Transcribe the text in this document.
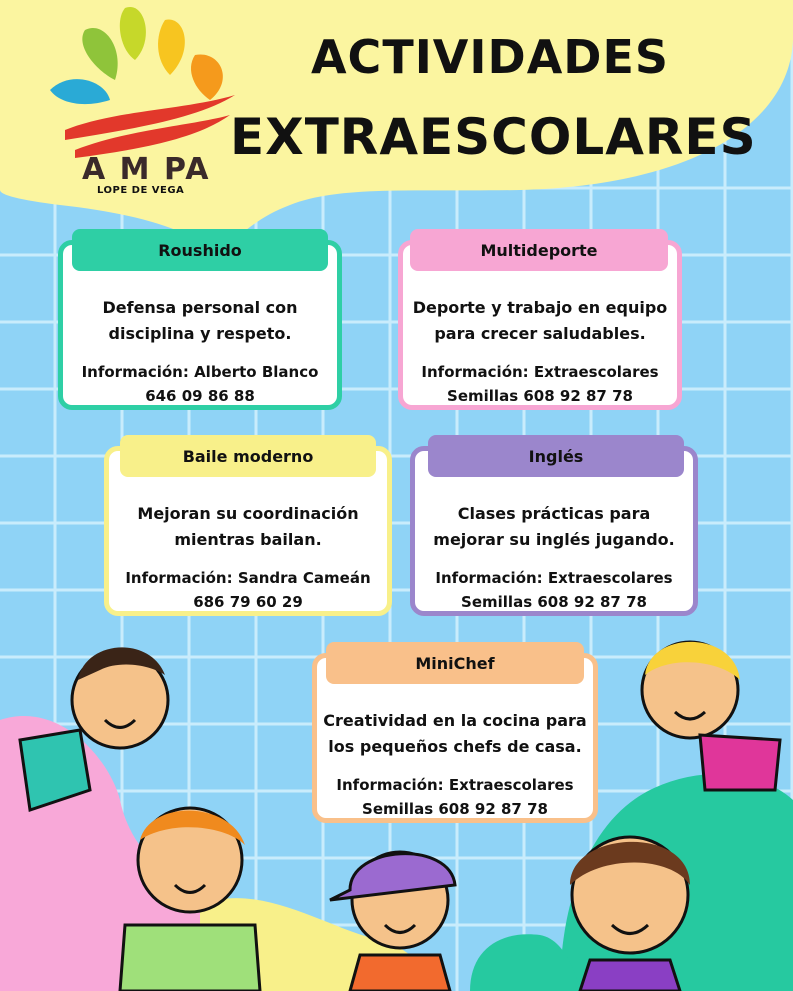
A M PA
LOPE DE VEGA
ACTIVIDADES
EXTRAESCOLARES
Defensa personal con
disciplina y respeto.
Información: Alberto Blanco
646 09 86 88
Roushido
Deporte y trabajo en equipo
para crecer saludables.
Información: Extraescolares
Semillas 608 92 87 78
Multideporte
Mejoran su coordinación
mientras bailan.
Información: Sandra Cameán
686 79 60 29
Baile moderno
Clases prácticas para
mejorar su inglés jugando.
Información: Extraescolares
Semillas 608 92 87 78
Inglés
Creatividad en la cocina para
los pequeños chefs de casa.
Información: Extraescolares
Semillas 608 92 87 78
MiniChef
